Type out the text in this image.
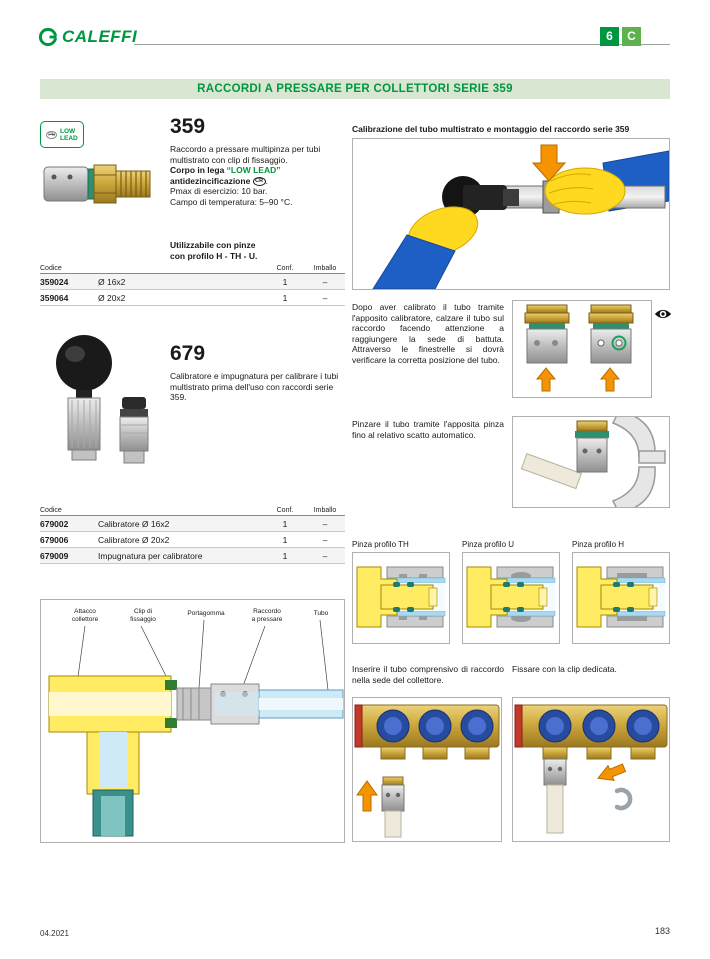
CALEFFI	6	C
RACCORDI A PRESSARE PER COLLETTORI SERIE 359
Pb LOW
LEAD	359
Raccordo a pressare multipinza per tubi multistrato con clip di fissaggio.
Corpo in lega “LOW LEAD” antidezincificazione CR .
Pmax di esercizio: 10 bar.
Campo di temperatura: 5–90 °C.
Utilizzabile con pinze
con profilo H - TH - U.
Codice	Conf.	Imballo
359024 Ø 16x2	1	–
359064 Ø 20x2	1	–
679
Calibratore e impugnatura per calibrare i tubi multistrato prima dell'uso con raccordi serie 359.
Codice	Conf.	Imballo
679002 Calibratore Ø 16x2	1	–
679006 Calibratore Ø 20x2	1	–
679009 Impugnatura per calibratore	1	–
Attacco
collettore
Clip di
fissaggio
Portagomma	Raccordo
a pressare
Tubo
Calibrazione del tubo multistrato e montaggio del raccordo serie 359
Dopo aver calibrato il tubo tramite l'apposito calibratore, calzare il tubo sul raccordo facendo attenzione a raggiungere la sede di battuta. Attraverso le finestrelle si dovrà verificare la corretta posizione del tubo.
Pinzare il tubo tramite l'apposita pinza fino al relativo scatto automatico.
Pinza profilo TH	Pinza profilo U	Pinza profilo H
Inserire il tubo comprensivo di raccordo nella sede del collettore.
Fissare con la clip dedicata.
04.2021	183
